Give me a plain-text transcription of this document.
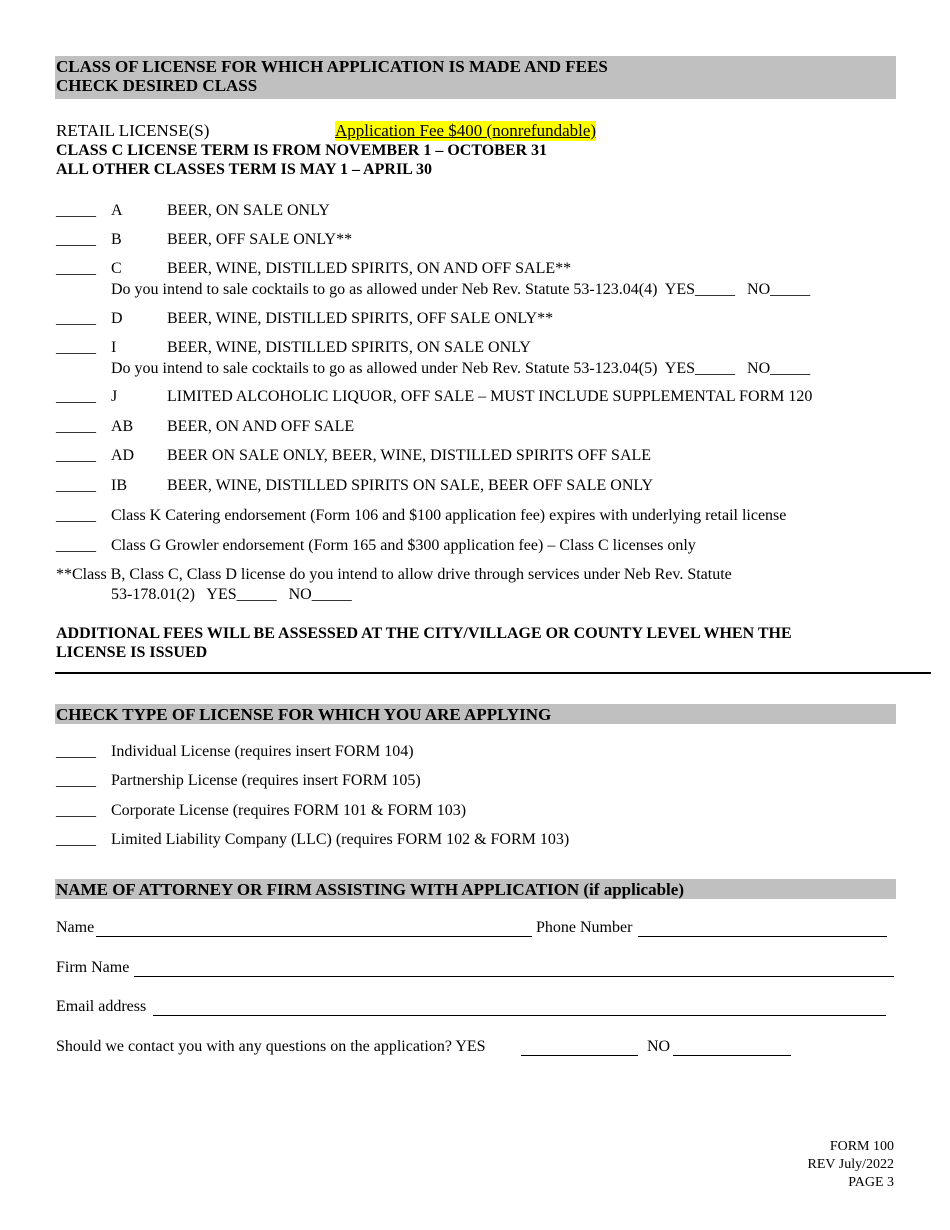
CLASS OF LICENSE FOR WHICH APPLICATION IS MADE AND FEES
CHECK DESIRED CLASS
RETAIL LICENSE(S)	Application Fee $400 (nonrefundable)
CLASS C LICENSE TERM IS FROM NOVEMBER 1 – OCTOBER 31
ALL OTHER CLASSES TERM IS MAY 1 – APRIL 30
_____ A	BEER, ON SALE ONLY
_____ B	BEER, OFF SALE ONLY**
_____ C	BEER, WINE, DISTILLED SPIRITS, ON AND OFF SALE**
Do you intend to sale cocktails to go as allowed under Neb Rev. Statute 53-123.04(4)  YES_____   NO_____
_____ D	BEER, WINE, DISTILLED SPIRITS, OFF SALE ONLY**
_____ I	BEER, WINE, DISTILLED SPIRITS, ON SALE ONLY
Do you intend to sale cocktails to go as allowed under Neb Rev. Statute 53-123.04(5)  YES_____   NO_____
_____ J	LIMITED ALCOHOLIC LIQUOR, OFF SALE – MUST INCLUDE SUPPLEMENTAL FORM 120
_____ AB BEER, ON AND OFF SALE
_____ AD BEER ON SALE ONLY, BEER, WINE, DISTILLED SPIRITS OFF SALE
_____ IB	BEER, WINE, DISTILLED SPIRITS ON SALE, BEER OFF SALE ONLY
_____ Class K Catering endorsement (Form 106 and $100 application fee) expires with underlying retail license
_____ Class G Growler endorsement (Form 165 and $300 application fee) – Class C licenses only
**Class B, Class C, Class D license do you intend to allow drive through services under Neb Rev. Statute
53-178.01(2)   YES_____   NO_____
ADDITIONAL FEES WILL BE ASSESSED AT THE CITY/VILLAGE OR COUNTY LEVEL WHEN THE
LICENSE IS ISSUED
CHECK TYPE OF LICENSE FOR WHICH YOU ARE APPLYING
_____ Individual License (requires insert FORM 104)
_____ Partnership License (requires insert FORM 105)
_____ Corporate License (requires FORM 101 & FORM 103)
_____ Limited Liability Company (LLC) (requires FORM 102 & FORM 103)
NAME OF ATTORNEY OR FIRM ASSISTING WITH APPLICATION (if applicable)
Name	Phone Number
Firm Name
Email address
Should we contact you with any questions on the application? YES	NO
FORM 100
REV July/2022
PAGE 3
